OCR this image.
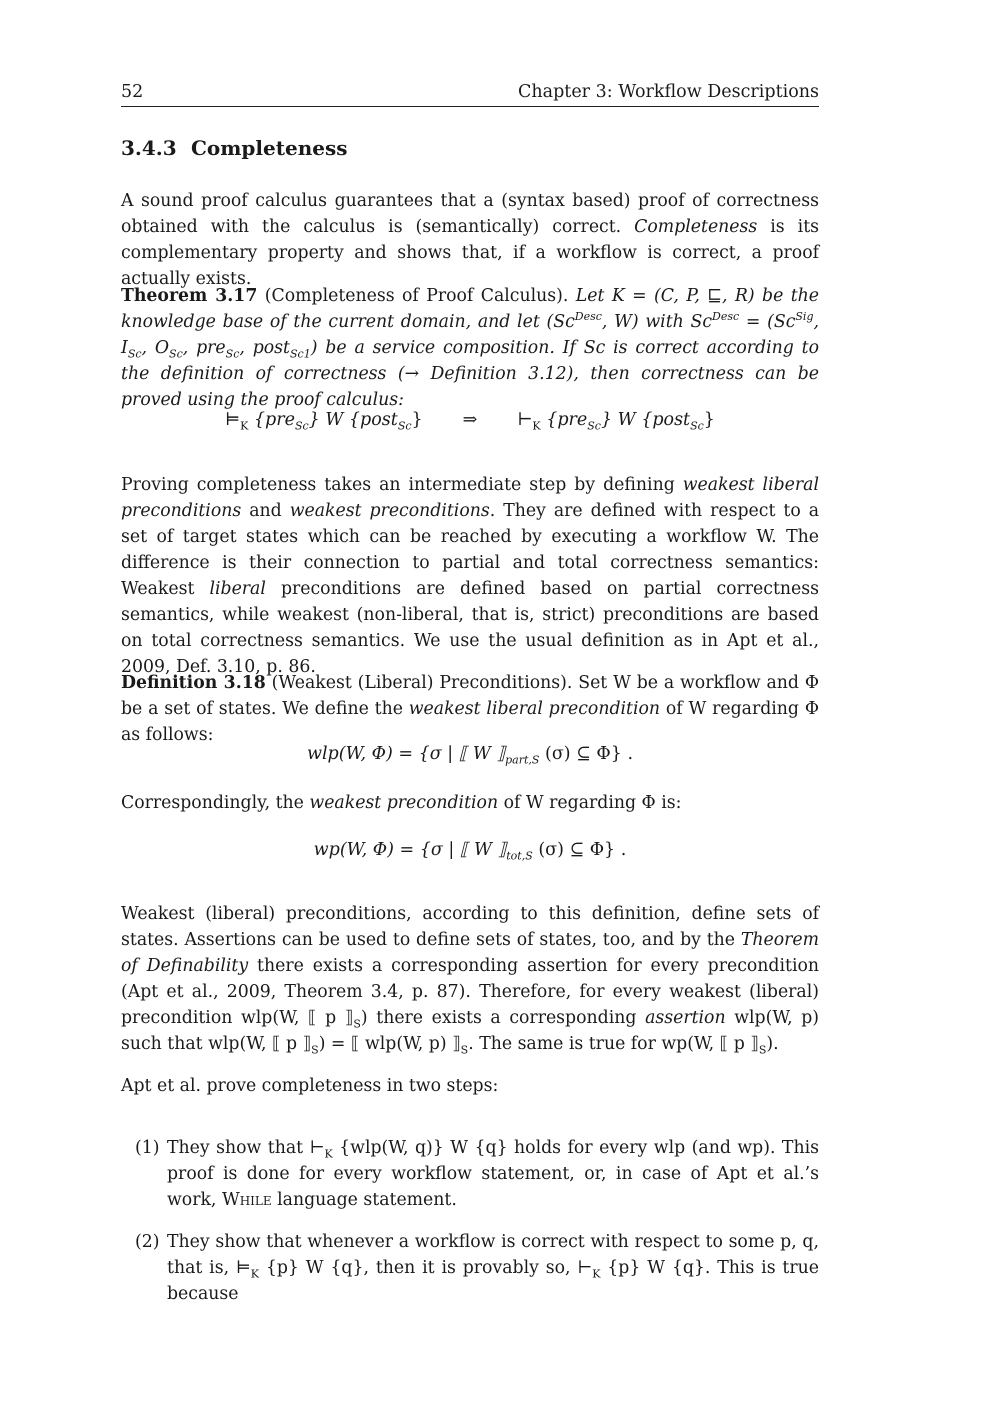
52	Chapter 3: Workflow Descriptions
3.4.3 Completeness

A sound proof calculus guarantees that a (syntax based) proof of correctness obtained with the calculus is (semantically) correct. Completeness is its complementary property and shows that, if a workflow is correct, a proof actually exists.

Theorem 3.17 (Completeness of Proof Calculus). Let K = (C, P, ⊑, R) be the knowledge base of the current domain, and let ($Sc^{Desc}$, W) with $Sc^{Desc} = (Sc^{Sig}$, $I_{Sc}$, $O_{Sc}$, pre$_{Sc}$, post$_{Sc1}$) be a service composition. If Sc is correct according to the definition of correctness (→ Definition 3.12), then correctness can be proved using the proof calculus:

$⊨_K$ {pre$_{Sc}$} W {post$_{Sc}$} ⇒ $⊢_K$ {pre$_{Sc}$} W {post$_{Sc}$}

Proving completeness takes an intermediate step by defining weakest liberal preconditions and weakest preconditions. They are defined with respect to a set of target states which can be reached by executing a workflow W. The difference is their connection to partial and total correctness semantics: Weakest liberal preconditions are defined based on partial correctness semantics, while weakest (non-liberal, that is, strict) preconditions are based on total correctness semantics. We use the usual definition as in Apt et al., 2009, Def. 3.10, p. 86.

Definition 3.18 (Weakest (Liberal) Preconditions). Set W be a workflow and Φ be a set of states. We define the weakest liberal precondition of W regarding Φ as follows:

wlp(W, Φ) = {σ | ⟦ W $⟧_{part,S}$ (σ) ⊆ Φ} .

Correspondingly, the weakest precondition of W regarding Φ is:

wp(W, Φ) = {σ | ⟦ W $⟧_{tot,S}$ (σ) ⊆ Φ} .

Weakest (liberal) preconditions, according to this definition, define sets of states. Assertions can be used to define sets of states, too, and by the Theorem of Definability there exists a corresponding assertion for every precondition (Apt et al., 2009, Theorem 3.4, p. 87). Therefore, for every weakest (liberal) precondition wlp(W, ⟦ p $⟧_S$) there exists a corresponding assertion wlp(W, p) such that wlp(W, ⟦ p $⟧_S$) = ⟦ wlp(W, p) $⟧_S$. The same is true for wp(W, ⟦ p $⟧_S$).

Apt et al. prove completeness in two steps:

(1) They show that $⊢_K$ {wlp(W, q)} W {q} holds for every wlp (and wp). This proof is done for every workflow statement, or, in case of Apt et al.’s work, While language statement.
(2) They show that whenever a workflow is correct with respect to some p, q, that is, $⊨_K$ {p} W {q}, then it is provably so, $⊢_K$ {p} W {q}. This is true because
